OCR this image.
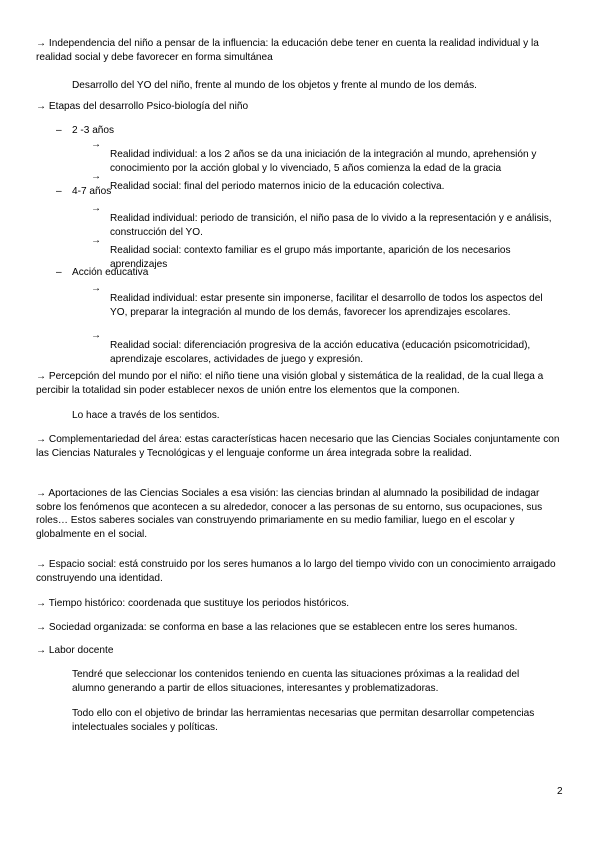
→ Independencia del niño a pensar de la influencia: la educación debe tener en cuenta la realidad individual y la realidad social y debe favorecer en forma simultánea

Desarrollo del YO del niño, frente al mundo de los objetos y frente al mundo de los demás.

→ Etapas del desarrollo Psico-biología del niño

– 2 -3 años
→

Realidad individual: a los 2 años se da una iniciación de la integración al mundo, aprehensión y conocimiento por la acción global y lo vivenciado, 5 años comienza la edad de la gracia

→

Realidad social: final del periodo maternos inicio de la educación colectiva.

– 4-7 años
→

Realidad individual: periodo de transición, el niño pasa de lo vivido a la representación y e análisis, construcción del YO.

→

Realidad social: contexto familiar es el grupo más importante, aparición de los necesarios aprendizajes

– Acción educativa
→

Realidad individual: estar presente sin imponerse, facilitar el desarrollo de todos los aspectos del YO, preparar la integración al mundo de los demás, favorecer los aprendizajes escolares.

→

Realidad social: diferenciación progresiva de la acción educativa (educación psicomotricidad), aprendizaje escolares, actividades de juego y expresión.

→ Percepción del mundo por el niño: el niño tiene una visión global y sistemática de la realidad, de la cual llega a percibir la totalidad sin poder establecer nexos de unión entre los elementos que la componen.

Lo hace a través de los sentidos.

→ Complementariedad del área: estas características hacen necesario que las Ciencias Sociales conjuntamente con las Ciencias Naturales y Tecnológicas y el lenguaje conforme un área integrada sobre la realidad.

→ Aportaciones de las Ciencias Sociales a esa visión: las ciencias brindan al alumnado la posibilidad de indagar sobre los fenómenos que acontecen a su alrededor, conocer a las personas de su entorno, sus ocupaciones, sus roles… Estos saberes sociales van construyendo primariamente en su medio familiar, luego en el escolar y globalmente en el social.

→ Espacio social: está construido por los seres humanos a lo largo del tiempo vivido con un conocimiento arraigado construyendo una identidad.

→ Tiempo histórico: coordenada que sustituye los periodos históricos.

→ Sociedad organizada: se conforma en base a las relaciones que se establecen entre los seres humanos.

→ Labor docente

Tendré que seleccionar los contenidos teniendo en cuenta las situaciones próximas a la realidad del alumno generando a partir de ellos situaciones, interesantes y problematizadoras.

Todo ello con el objetivo de brindar las herramientas necesarias que permitan desarrollar competencias intelectuales sociales y políticas.

2
